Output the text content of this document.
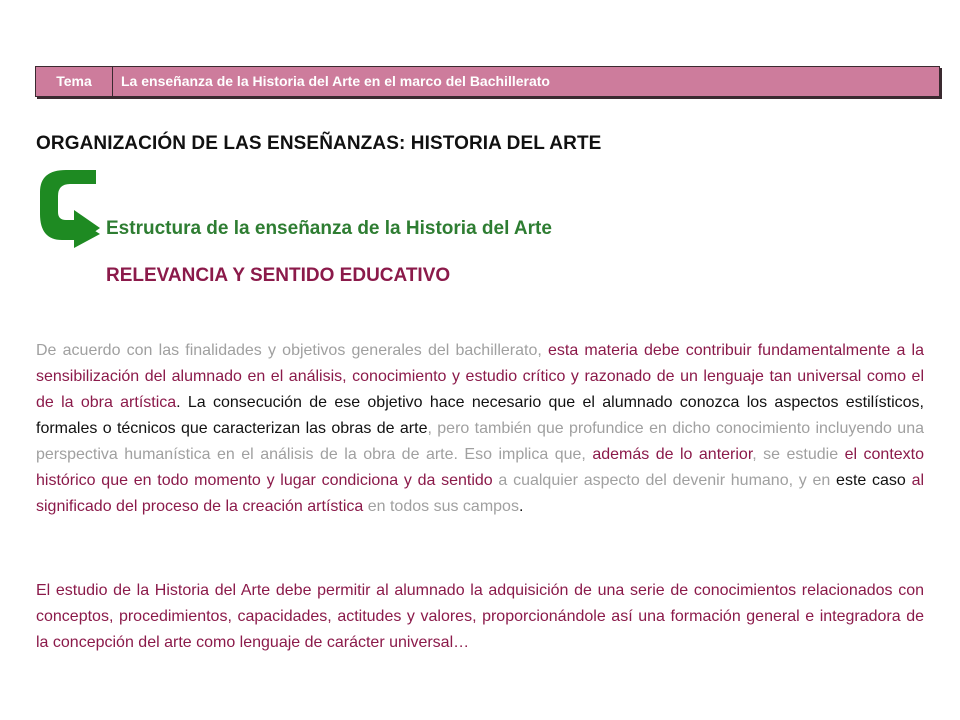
Tema	La enseñanza de la Historia del Arte en el marco del Bachillerato
ORGANIZACIÓN DE LAS ENSEÑANZAS: HISTORIA DEL ARTE
Estructura de la enseñanza de la Historia del Arte
RELEVANCIA Y SENTIDO EDUCATIVO

De acuerdo con las finalidades y objetivos generales del bachillerato, esta materia debe contribuir fundamentalmente a la sensibilización del alumnado en el análisis, conocimiento y estudio crítico y razonado de un lenguaje tan universal como el de la obra artística. La consecución de ese objetivo hace necesario que el alumnado conozca los aspectos estilísticos, formales o técnicos que caracterizan las obras de arte, pero también que profundice en dicho conocimiento incluyendo una perspectiva humanística en el análisis de la obra de arte. Eso implica que, además de lo anterior, se estudie el contexto histórico que en todo momento y lugar condiciona y da sentido a cualquier aspecto del devenir humano, y en este caso al significado del proceso de la creación artística en todos sus campos.

El estudio de la Historia del Arte debe permitir al alumnado la adquisición de una serie de conocimientos relacionados con conceptos, procedimientos, capacidades, actitudes y valores, proporcionándole así una formación general e integradora de la concepción del arte como lenguaje de carácter universal…
